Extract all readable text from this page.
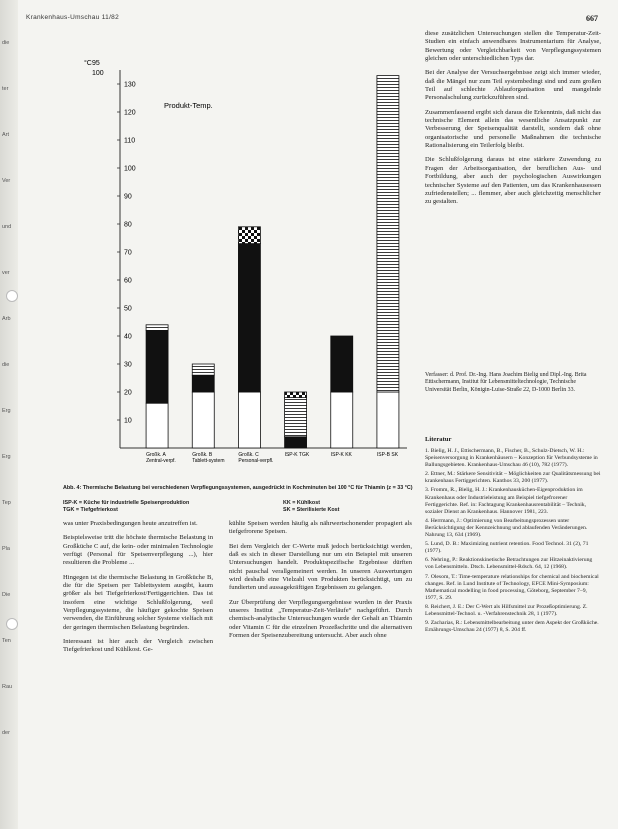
die
ter
Art
Ver
und
ver
Arb
die
Erg
Erg
Tep
Pla
Die
Ten
Rau
der
Krankenhaus-Umschau 11/82	667
°C 95
100
Produkt-Temp.
10
20
30
40
50
60
70
80
90
100
110
120
130
Großk. A Zentral-verpf.
Großk. B Tablett-system
Großk. C Personal-verpfl.
ISP-K TGK	ISP-K KK	ISP-B SK
Abb. 4: Thermische Belastung bei verschiedenen Verpflegungssystemen, ausgedrückt in Kochminuten bei 100 °C für Thiamin (z = 33 °C)
ISP-K = Küche für industrielle Speisenproduktion
TGK = Tiefgefrierkost
KK = Kühlkost
SK = Sterilisierte Kost

was unter Praxisbedingungen heute anzutreffen ist.

Beispielsweise tritt die höchste thermische Belastung in Großküche C auf, die kein- oder minimalen Technologie verfügt (Personal für Speisenverpflegung ...), hier resultieren die Probleme ...

Hingegen ist die thermische Belastung in Großküche B, die für die Speisen per Tablettsystem ausgibt, kaum größer als bei Tiefgefrierkost/Fertiggerichten. Das ist insofern eine wichtige Schlußfolgerung, weil Verpflegungssysteme, die häufiger gekochte Speisen verwenden, die Einführung solcher Systeme vielfach mit der geringen thermischen Belastung begründen.

Interessant ist hier auch der Vergleich zwischen Tiefgefrierkost und Kühlkost. Ge-

kühlte Speisen werden häufig als nährwertschonender propagiert als tiefgefrorene Speisen.

Bei dem Vergleich der C-Werte muß jedoch berücksichtigt werden, daß es sich in dieser Darstellung nur um ein Beispiel mit unseren Untersuchungen handelt. Produktspezifische Ergebnisse dürften nicht pauschal verallgemeinert werden. In unseren Auswertungen wird deshalb eine Vielzahl von Produkten berücksichtigt, um zu fundierten und aussagekräftigen Ergebnissen zu gelangen.

Zur Überprüfung der Verpflegungsergebnisse wurden in der Praxis unseres Institut „Temperatur-Zeit-Verläufe“ nachgeführt. Durch chemisch-analytische Untersuchungen wurde der Gehalt an Thiamin oder Vitamin C für die einzelnen Prozeßschritte und die alternativen Formen der Speisenzubereitung untersucht. Aber auch ohne

diese zusätzlichen Untersuchungen stellen die Temperatur-Zeit-Studien ein einfach anwendbares Instrumentarium für Analyse, Bewertung oder Vergleichbarkeit von Verpflegungssystemen gleichen oder unterschiedlichen Typs dar.

Bei der Analyse der Versuchsergebnisse zeigt sich immer wieder, daß die Mängel nur zum Teil systembedingt sind und zum großen Teil auf schlechte Ablauforganisation und mangelnde Personalschulung zurückzuführen sind.

Zusammenfassend ergibt sich daraus die Erkenntnis, daß nicht das technische Element allein das wesentliche Ansatzpunkt zur Verbesserung der Speisenqualität darstellt, sondern daß ohne organisatorische und personelle Maßnahmen die technische Rationalisierung ein Teilerfolg bleibt.

Die Schlußfolgerung daraus ist eine stärkere Zuwendung zu Fragen der Arbeitsorganisation, der beruflichen Aus- und Fortbildung, aber auch der psychologischen Auswirkungen technischer Systeme auf den Patienten, um das Krankenhausessen zufriedenstellen; ... flemmer, aber auch gleichzeitig menschlicher zu gestalten.

Verfasser: d. Prof. Dr.-Ing. Hans Joachim Bielig und Dipl.-Ing. Brita Ettischermann, Institut für Lebensmitteltechnologie, Technische Universität Berlin, Königin-Luise-Straße 22, D-1000 Berlin 33.
Literatur

1. Bielig, H. J., Ettischermann, B., Fischer, B., Schulz-Dietsch, W. H.: Speisenversorgung in Krankenhäusern – Konzeption für Verbundsysteme in Ballungsgebieten. Krankenhaus-Umschau 46 (10), 782 (1977).

2. Ettner, M.: Stärkere Sensitivität – Möglichkeiten zur Qualitätsmessung bei krankenhaus Fertiggerichten. Kanthos 33, 200 (1977).

3. Fromm, R., Bielig, H. J.: Krankenhausküchen-Eigenproduktion im Krankenhaus oder Industrieleistung am Beispiel tiefgefrorener Fertiggerichte. Ref. in: Fachtagung Krankenhausrentabilität – Technik, sozialer Dienst an Krankenhaus. Hannover 1981, 223.

4. Herrmann, J.: Optimierung von Bearbeitungsprozessen unter Berücksichtigung der Kennzeichnung und ablaufenden Veränderungen. Nahrung 13, 634 (1969).

5. Lund, D. B.: Maximizing nutrient retention. Food Technol. 31 (2), 71 (1977).

6. Nehring, P.: Reaktionskinetische Betrachtungen zur Hitzeinaktivierung von Lebensmitteln. Dtsch. Lebensmittel-Rdsch. 64, 12 (1968).

7. Olesom, T.: Time-temperature relationships for chemical and biochemical changes. Ref. in Lund Institute of Technology, EFCE Mini-Symposium: Mathematical modelling in food processing, Göteborg, September 7–9, 1977, S. 29.

8. Reichert, J. E.: Der C-Wert als Hilfsmittel zur Prozeßoptimierung. Z. Lebensmittel-Technol. u. -Verfahrenstechnik 28, 1 (1977).

9. Zacharias, R.: Lebensmittelbearbeitung unter dem Aspekt der Großküche. Ernährungs-Umschau 24 (1977) 8, S. 204 ff.
